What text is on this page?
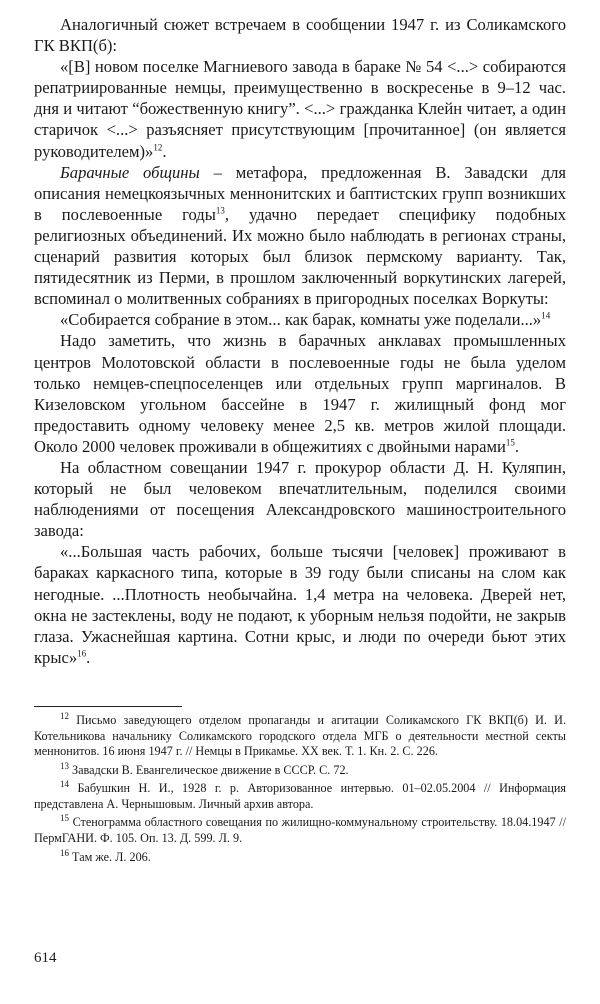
Аналогичный сюжет встречаем в сообщении 1947 г. из Соликамского ГК ВКП(б):

«[В] новом поселке Магниевого завода в бараке № 54 <...> собираются репатриированные немцы, преимущественно в воскресенье в 9–12 час. дня и читают “божественную книгу”. <...> гражданка Клейн читает, а один старичок <...> разъясняет присутствующим [прочитанное] (он является руководителем)»$^{12}$.

Барачные общины – метафора, предложенная В. Завадски для описания немецкоязычных меннонитских и баптистских групп возникших в послевоенные годы$^{13}$, удачно передает специфику подобных религиозных объединений. Их можно было наблюдать в регионах страны, сценарий развития которых был близок пермскому варианту. Так, пятидесятник из Перми, в прошлом заключенный воркутинских лагерей, вспоминал о молитвенных собраниях в пригородных поселках Воркуты:

«Собирается собрание в этом... как барак, комнаты уже поделали...»$^{14}$

Надо заметить, что жизнь в барачных анклавах промышленных центров Молотовской области в послевоенные годы не была уделом только немцев-спецпоселенцев или отдельных групп маргиналов. В Кизеловском угольном бассейне в 1947 г. жилищный фонд мог предоставить одному человеку менее 2,5 кв. метров жилой площади. Около 2000 человек проживали в общежитиях с двойными нарами$^{15}$.

На областном совещании 1947 г. прокурор области Д. Н. Куляпин, который не был человеком впечатлительным, поделился своими наблюдениями от посещения Александровского машиностроительного завода:

«...Большая часть рабочих, больше тысячи [человек] проживают в бараках каркасного типа, которые в 39 году были списаны на слом как негодные. ...Плотность необычайна. 1,4 метра на человека. Дверей нет, окна не застеклены, воду не подают, к уборным нельзя подойти, не закрыв глаза. Ужаснейшая картина. Сотни крыс, и люди по очереди бьют этих крыс»$^{16}$.

$^{12}$ Письмо заведующего отделом пропаганды и агитации Соликамского ГК ВКП(б) И. И. Котельникова начальнику Соликамского городского отдела МГБ о деятельности местной секты меннонитов. 16 июня 1947 г. // Немцы в Прикамье. XX век. Т. 1. Кн. 2. С. 226.

$^{13}$ Завадски В. Евангелическое движение в СССР. С. 72.

$^{14}$ Бабушкин Н. И., 1928 г. р. Авторизованное интервью. 01–02.05.2004 // Информация представлена А. Чернышовым. Личный архив автора.

$^{15}$ Стенограмма областного совещания по жилищно-коммунальному строительству. 18.04.1947 // ПермГАНИ. Ф. 105. Оп. 13. Д. 599. Л. 9.

$^{16}$ Там же. Л. 206.

614
